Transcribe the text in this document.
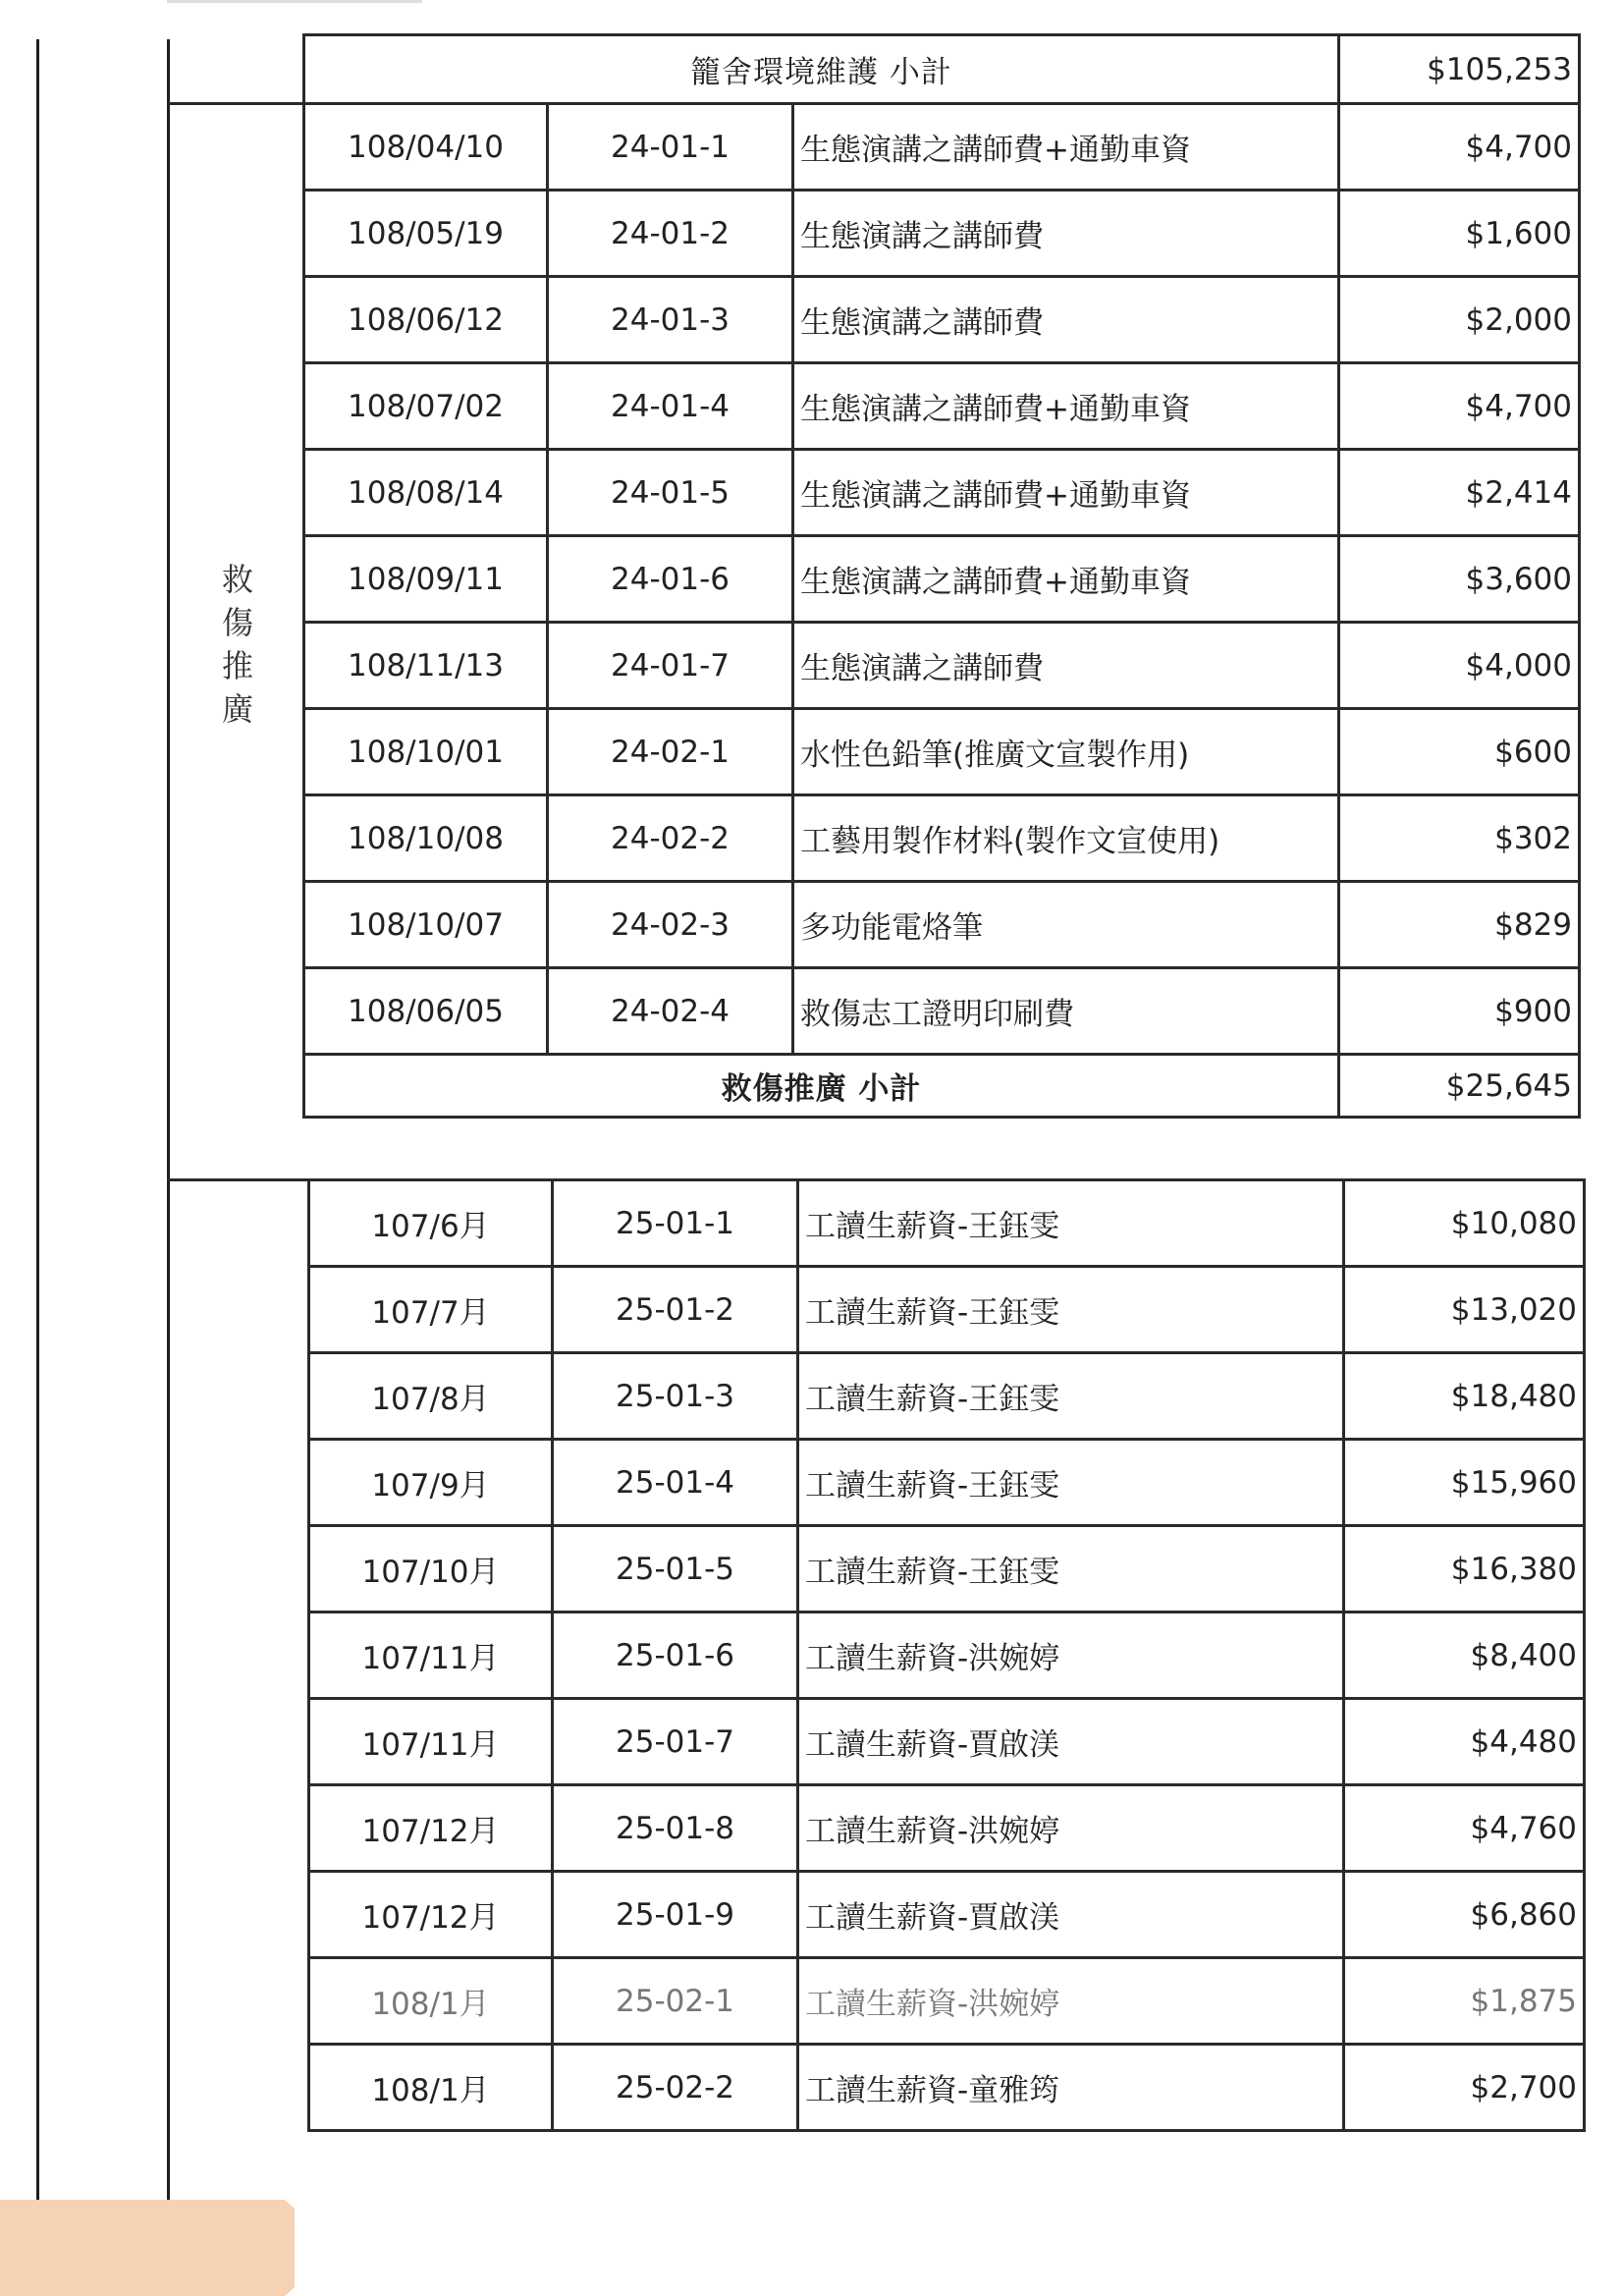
籠舍環境維護 小計	$105,253
救
傷
推
廣
108/04/10	24-01-1	生態演講之講師費+通勤車資	$4,700
108/05/19	24-01-2	生態演講之講師費	$1,600
108/06/12	24-01-3	生態演講之講師費	$2,000
108/07/02	24-01-4	生態演講之講師費+通勤車資	$4,700
108/08/14	24-01-5	生態演講之講師費+通勤車資	$2,414
108/09/11	24-01-6	生態演講之講師費+通勤車資	$3,600
108/11/13	24-01-7	生態演講之講師費	$4,000
108/10/01	24-02-1	水性色鉛筆(推廣文宣製作用)	$600
108/10/08	24-02-2	工藝用製作材料(製作文宣使用)	$302
108/10/07	24-02-3	多功能電烙筆	$829
108/06/05	24-02-4	救傷志工證明印刷費	$900
救傷推廣 小計			$25,645
107/6月	25-01-1	工讀生薪資-王鈺雯	$10,080
107/7月	25-01-2	工讀生薪資-王鈺雯	$13,020
107/8月	25-01-3	工讀生薪資-王鈺雯	$18,480
107/9月	25-01-4	工讀生薪資-王鈺雯	$15,960
107/10月	25-01-5	工讀生薪資-王鈺雯	$16,380
107/11月	25-01-6	工讀生薪資-洪婉婷	$8,400
107/11月	25-01-7	工讀生薪資-賈啟渼	$4,480
107/12月	25-01-8	工讀生薪資-洪婉婷	$4,760
107/12月	25-01-9	工讀生薪資-賈啟渼	$6,860
108/1月	25-02-1	工讀生薪資-洪婉婷	$1,875
108/1月	25-02-2	工讀生薪資-童雅筠	$2,700
